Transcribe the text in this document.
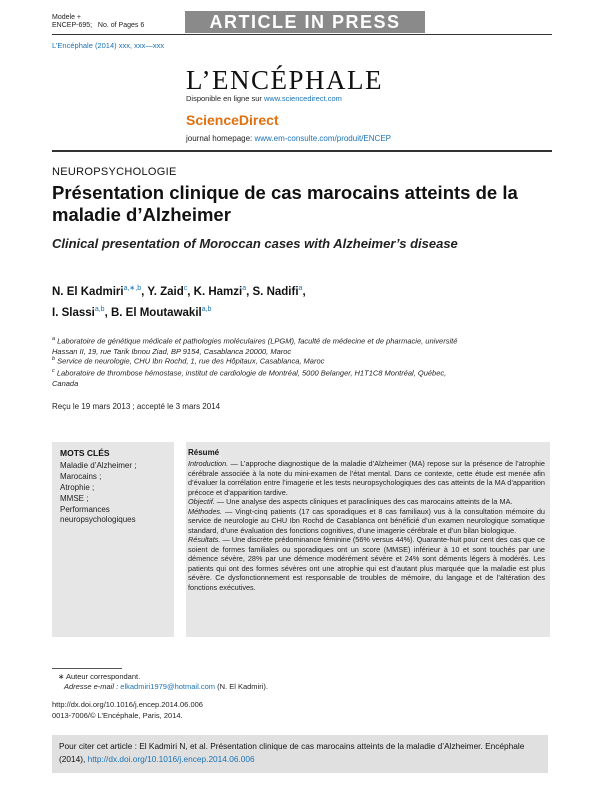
Modele +
ENCEP-695; No. of Pages 6	ARTICLE IN PRESS
L’Encéphale (2014) xxx, xxx—xxx
L’ENCÉPHALE
Disponible en ligne sur www.sciencedirect.com
ScienceDirect
journal homepage: www.em-consulte.com/produit/ENCEP
NEUROPSYCHOLOGIE
Présentation clinique de cas marocains atteints de la maladie d’Alzheimer
Clinical presentation of Moroccan cases with Alzheimer’s disease
N. El Kadmiri$^{a,∗,b}$, Y. Zaid$^c$, K. Hamzi$^a$, S. Nadifi$^a$,
I. Slassi$^{a,b}$, B. El Moutawakil$^{a,b}$
$^a$ Laboratoire de génétique médicale et pathologies moléculaires (LPGM), faculté de médecine et de pharmacie, université Hassan II, 19, rue Tarik Ibnou Ziad, BP 9154, Casablanca 20000, Maroc
$^b$ Service de neurologie, CHU Ibn Rochd, 1, rue des Hôpitaux, Casablanca, Maroc
$^c$ Laboratoire de thrombose hémostase, institut de cardiologie de Montréal, 5000 Belanger, H1T1C8 Montréal, Québec, Canada
Reçu le 19 mars 2013 ; accepté le 3 mars 2014
MOTS CLÉS
Maladie d’Alzheimer ;
Marocains ;
Atrophie ;
MMSE ;
Performances neuropsychologiques
Résumé

Introduction. — L’approche diagnostique de la maladie d’Alzheimer (MA) repose sur la présence de l’atrophie cérébrale associée à la note du mini-examen de l’état mental. Dans ce contexte, cette étude est menée afin d’évaluer la corrélation entre l’imagerie et les tests neuropsychologiques des cas atteints de la MA d’apparition précoce et d’apparition tardive.

Objectif. — Une analyse des aspects cliniques et paracliniques des cas marocains atteints de la MA.

Méthodes. — Vingt-cinq patients (17 cas sporadiques et 8 cas familiaux) vus à la consultation mémoire du service de neurologie au CHU Ibn Rochd de Casablanca ont bénéficié d’un examen neurologique somatique standard, d’une évaluation des fonctions cognitives, d’une imagerie cérébrale et d’un bilan biologique.

Résultats. — Une discrète prédominance féminine (56% versus 44%). Quarante-huit pour cent des cas que ce soient de formes familiales ou sporadiques ont un score (MMSE) inférieur à 10 et sont touchés par une démence sévère, 28% par une démence modérément sévère et 24% sont déments légers à modérés. Les patients qui ont des formes sévères ont une atrophie qui est d’autant plus marquée que la maladie est plus sévère. Ce dysfonctionnement est responsable de troubles de mémoire, du langage et de l’altération des fonctions exécutives.

∗ Auteur correspondant.
Adresse e-mail : elkadmiri1979@hotmail.com (N. El Kadmiri).
http://dx.doi.org/10.1016/j.encep.2014.06.006
0013-7006/© L’Encéphale, Paris, 2014.
Pour citer cet article : El Kadmiri N, et al. Présentation clinique de cas marocains atteints de la maladie d’Alzheimer. Encéphale (2014), http://dx.doi.org/10.1016/j.encep.2014.06.006
